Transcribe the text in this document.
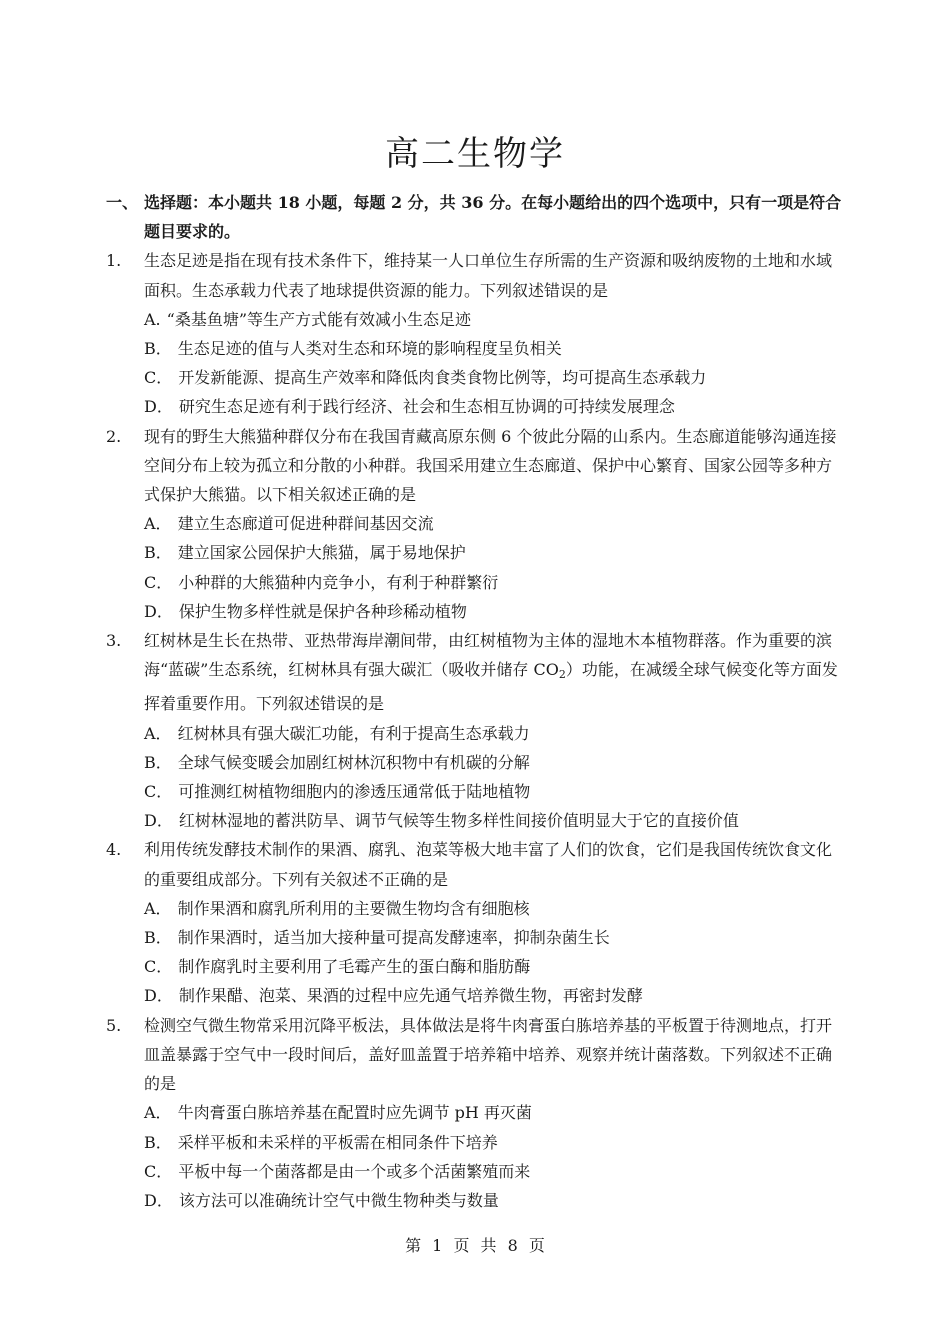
高二生物学
一、 选择题：本小题共 18 小题，每题 2 分，共 36 分。在每小题给出的四个选项中，只有一项是符合题目要求的。
1. 生态足迹是指在现有技术条件下，维持某一人口单位生存所需的生产资源和吸纳废物的土地和水域面积。生态承载力代表了地球提供资源的能力。下列叙述错误的是
A. “桑基鱼塘”等生产方式能有效减小生态足迹
B． 生态足迹的值与人类对生态和环境的影响程度呈负相关
C． 开发新能源、提高生产效率和降低肉食类食物比例等，均可提高生态承载力
D． 研究生态足迹有利于践行经济、社会和生态相互协调的可持续发展理念
2. 现有的野生大熊猫种群仅分布在我国青藏高原东侧 6 个彼此分隔的山系内。生态廊道能够沟通连接空间分布上较为孤立和分散的小种群。我国采用建立生态廊道、保护中心繁育、国家公园等多种方式保护大熊猫。以下相关叙述正确的是
A． 建立生态廊道可促进种群间基因交流
B． 建立国家公园保护大熊猫，属于易地保护
C． 小种群的大熊猫种内竞争小，有利于种群繁衍
D． 保护生物多样性就是保护各种珍稀动植物
3. 红树林是生长在热带、亚热带海岸潮间带，由红树植物为主体的湿地木本植物群落。作为重要的滨海“蓝碳”生态系统，红树林具有强大碳汇（吸收并储存 $CO_2$）功能，在减缓全球气候变化等方面发挥着重要作用。下列叙述错误的是
A． 红树林具有强大碳汇功能，有利于提高生态承载力
B． 全球气候变暖会加剧红树林沉积物中有机碳的分解
C． 可推测红树植物细胞内的渗透压通常低于陆地植物
D． 红树林湿地的蓄洪防旱、调节气候等生物多样性间接价值明显大于它的直接价值
4. 利用传统发酵技术制作的果酒、腐乳、泡菜等极大地丰富了人们的饮食，它们是我国传统饮食文化的重要组成部分。下列有关叙述不正确的是
A． 制作果酒和腐乳所利用的主要微生物均含有细胞核
B． 制作果酒时，适当加大接种量可提高发酵速率，抑制杂菌生长
C． 制作腐乳时主要利用了毛霉产生的蛋白酶和脂肪酶
D． 制作果醋、泡菜、果酒的过程中应先通气培养微生物，再密封发酵
5. 检测空气微生物常采用沉降平板法，具体做法是将牛肉膏蛋白胨培养基的平板置于待测地点，打开皿盖暴露于空气中一段时间后，盖好皿盖置于培养箱中培养、观察并统计菌落数。下列叙述不正确的是
A． 牛肉膏蛋白胨培养基在配置时应先调节 pH 再灭菌
B． 采样平板和未采样的平板需在相同条件下培养
C． 平板中每一个菌落都是由一个或多个活菌繁殖而来
D． 该方法可以准确统计空气中微生物种类与数量
第 1 页 共 8 页
